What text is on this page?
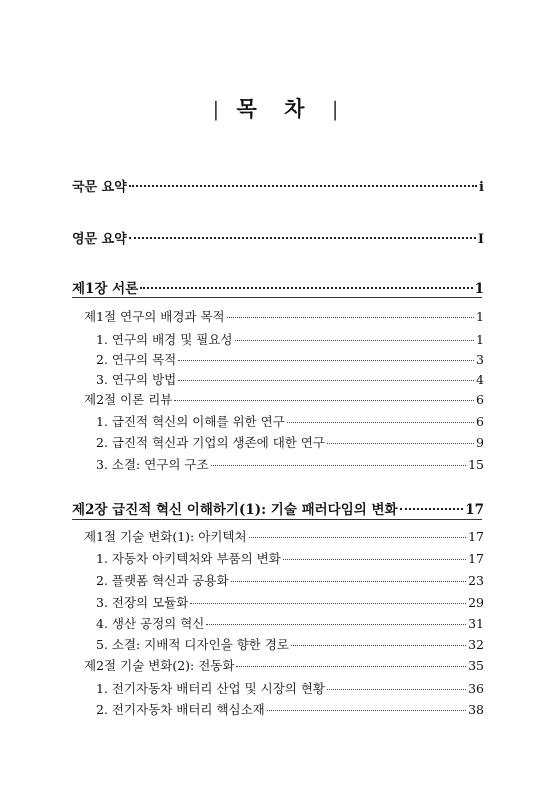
| 목 차 |
국문 요약	i
영문 요약	I
제1장 서론	1
제1절 연구의 배경과 목적	1
1. 연구의 배경 및 필요성	1
2. 연구의 목적	3
3. 연구의 방법	4
제2절 이론 리뷰	6
1. 급진적 혁신의 이해를 위한 연구	6
2. 급진적 혁신과 기업의 생존에 대한 연구	9
3. 소결: 연구의 구조	15
제2장 급진적 혁신 이해하기(1): 기술 패러다임의 변화	17
제1절 기술 변화(1): 아키텍처	17
1. 자동차 아키텍처와 부품의 변화	17
2. 플랫폼 혁신과 공용화	23
3. 전장의 모듈화	29
4. 생산 공정의 혁신	31
5. 소결: 지배적 디자인을 향한 경로	32
제2절 기술 변화(2): 전동화	35
1. 전기자동차 배터리 산업 및 시장의 현황	36
2. 전기자동차 배터리 핵심소재	38
